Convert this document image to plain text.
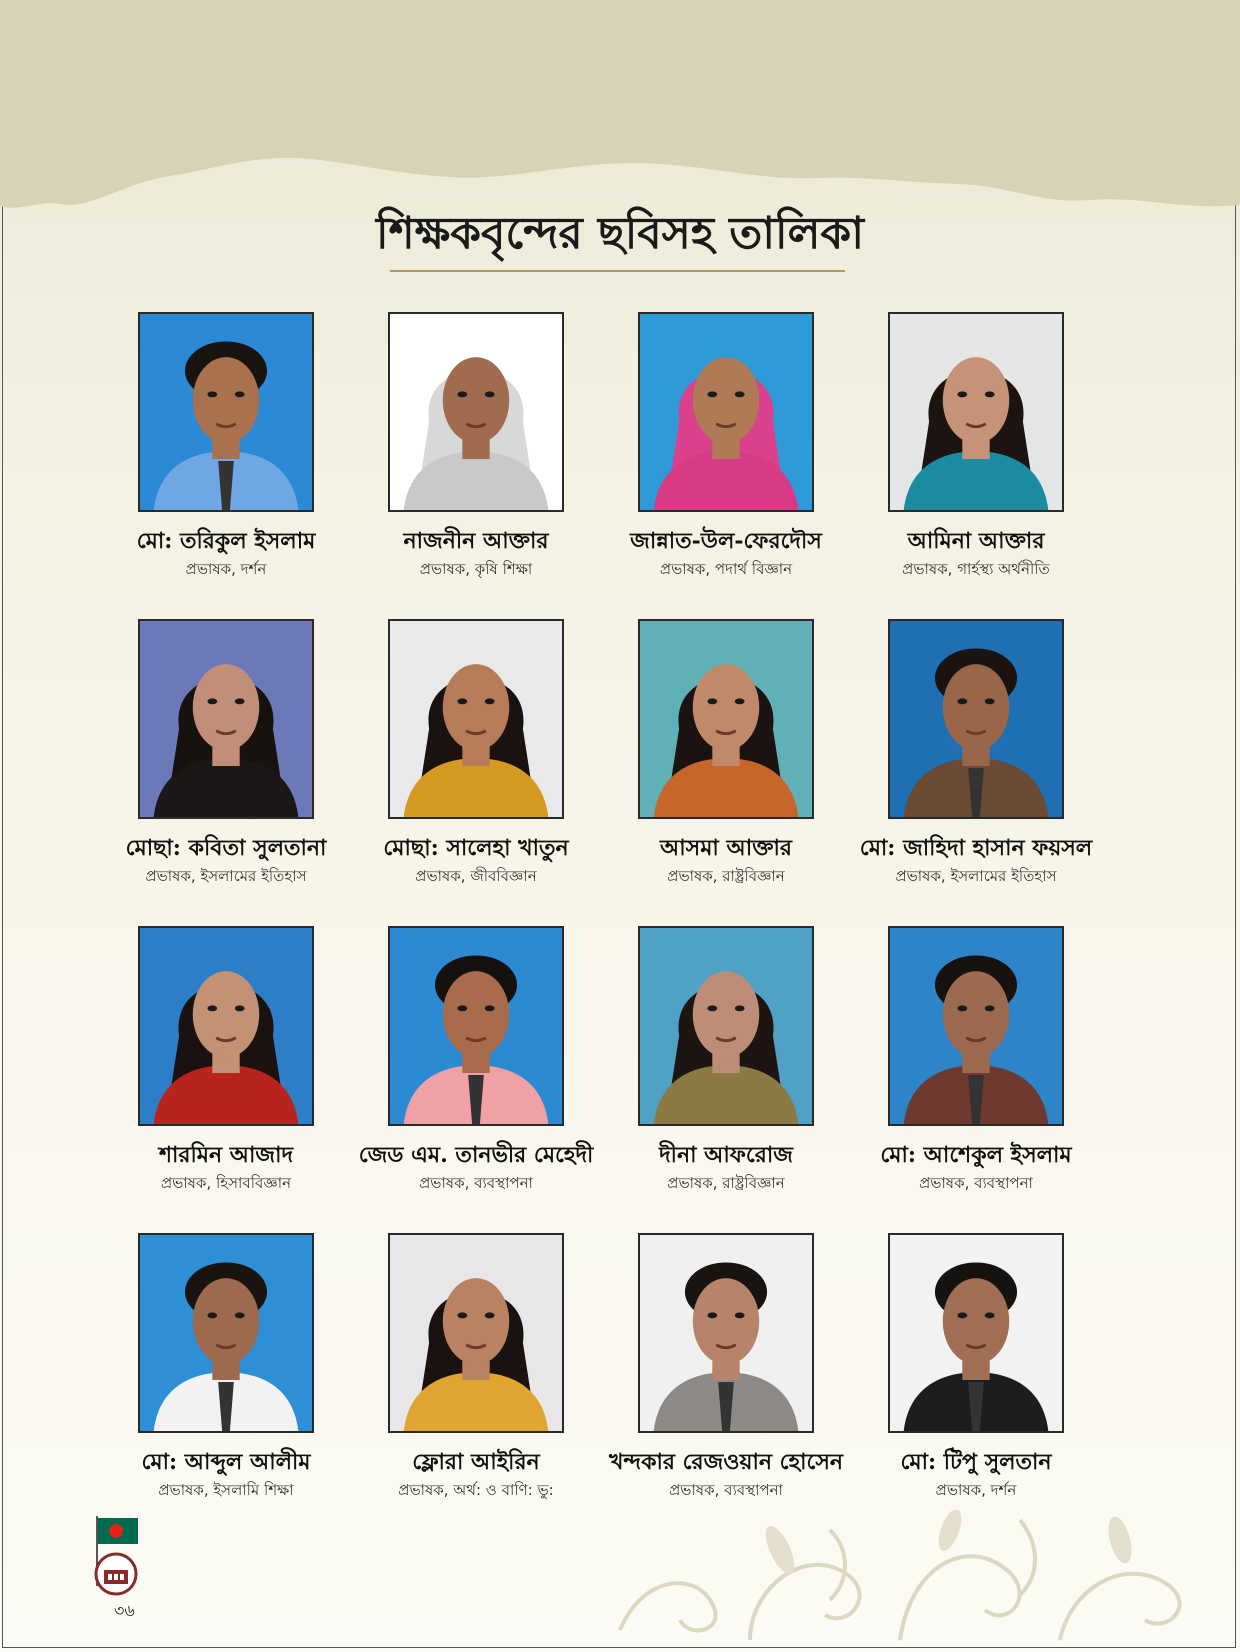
শিক্ষকবৃন্দের ছবিসহ তালিকা
মো: তরিকুল ইসলাম
প্রভাষক, দর্শন
নাজনীন আক্তার
প্রভাষক, কৃষি শিক্ষা
জান্নাত-উল-ফেরদৌস
প্রভাষক, পদার্থ বিজ্ঞান
আমিনা আক্তার
প্রভাষক, গার্হস্থ্য অর্থনীতি
মোছা: কবিতা সুলতানা
প্রভাষক, ইসলামের ইতিহাস
মোছা: সালেহা খাতুন
প্রভাষক, জীববিজ্ঞান
আসমা আক্তার
প্রভাষক, রাষ্ট্রবিজ্ঞান
মো: জাহিদা হাসান ফয়সল
প্রভাষক, ইসলামের ইতিহাস
শারমিন আজাদ
প্রভাষক, হিসাববিজ্ঞান
জেড এম. তানভীর মেহেদী
প্রভাষক, ব্যবস্থাপনা
দীনা আফরোজ
প্রভাষক, রাষ্ট্রবিজ্ঞান
মো: আশেকুল ইসলাম
প্রভাষক, ব্যবস্থাপনা
মো: আব্দুল আলীম
প্রভাষক, ইসলামি শিক্ষা
ফ্লোরা আইরিন
প্রভাষক, অর্থ: ও বাণি: ভু:
খন্দকার রেজওয়ান হোসেন
প্রভাষক, ব্যবস্থাপনা
মো: টিপু সুলতান
প্রভাষক, দর্শন
৩৬
